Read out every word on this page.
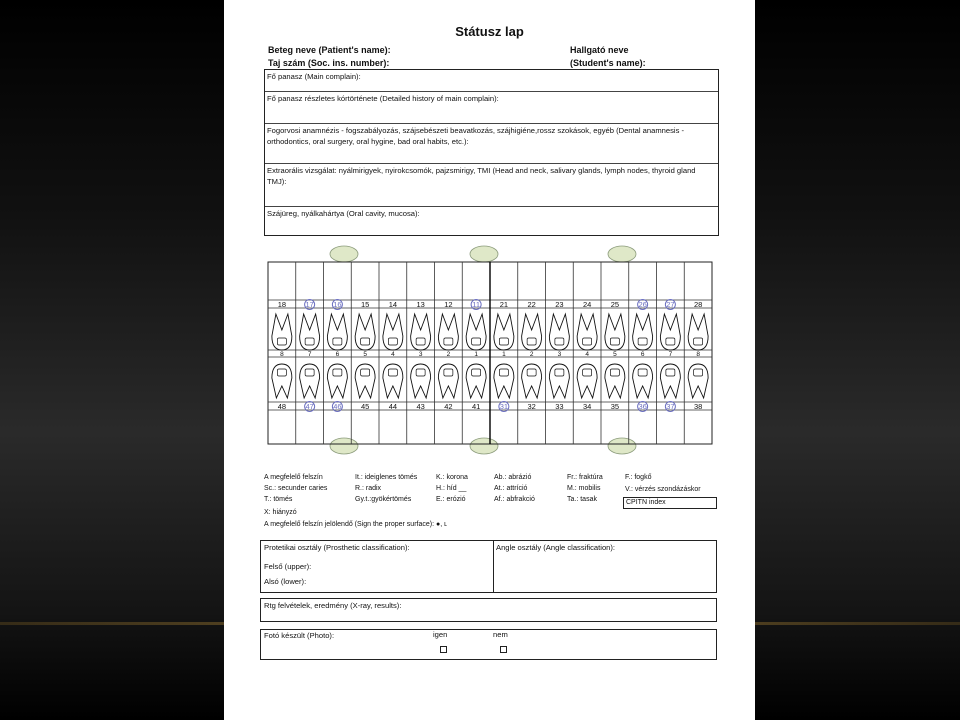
Státusz lap
Beteg neve (Patient's name):
Taj szám (Soc. ins. number):
Hallgató neve
(Student's name):
Fő panasz (Main complain):
Fő panasz részletes kórtörténete (Detailed history of main complain):
Fogorvosi anamnézis - fogszabályozás, szájsebészeti beavatkozás, szájhigiéne,rossz szokások, egyéb (Dental anamnesis - orthodontics, oral surgery, oral hygine, bad oral habits, etc.):
Extraorális vizsgálat: nyálmirigyek, nyirokcsomók, pajzsmirigy, TMI (Head and neck, salivary glands, lymph nodes, thyroid gland TMJ):
Szájüreg, nyálkahártya (Oral cavity, mucosa):
18
8
48
17
7
47
16
6
46
15
5
45
14
4
44
13
3
43
12
2
42
11
1
41
21
1
31
22
2
32
23
3
33
24
4
34
25
5
35
26
6
36
27
7
37
28
8
38
A megfelelő felszín
Sc.: secunder caries
T.: tömés
X: hiányzó
It.: ideiglenes tömés
R.: radix
Gy.t.:gyökértömés
K.: korona
H.: híd __
E.: erózió
Ab.: abrázió
At.: attríció
Af.: abfrakció
Fr.: fraktúra
M.: mobilis
Ta.: tasak
F.: fogkő
V.: vérzés szondázáskor
CPITN index
A megfelelő felszín jelölendő (Sign the proper surface): ●, ʟ
Protetikai osztály (Prosthetic classification):
Felső (upper):
Alsó (lower):
Angle osztály (Angle classification):
Rtg felvételek, eredmény (X-ray, results):
Fotó készült (Photo):	igen	nem
